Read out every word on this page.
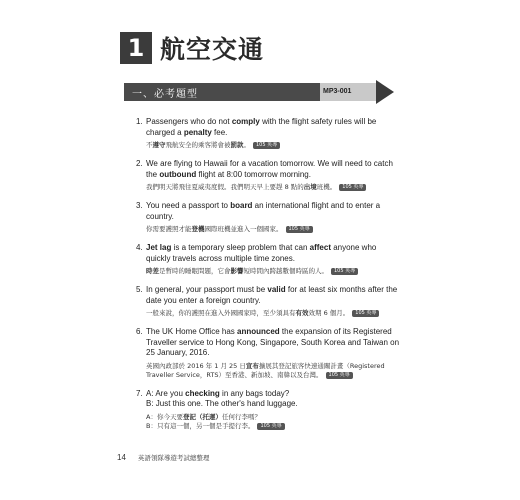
1 航空交通
一、必考題型	MP3-001
1. Passengers who do not comply with the flight safety rules will be charged a penalty fee.
不遵守飛航安全的乘客將會被罰款。 105 英導
2. We are flying to Hawaii for a vacation tomorrow. We will need to catch the outbound flight at 8:00 tomorrow morning.
我們明天將飛往夏威夷度假。我們明天早上要趕 8 點的出境班機。 105 英導
3. You need a passport to board an international flight and to enter a country.
你需要護照才能登機國際班機並進入一個國家。 105 英導
4. Jet lag is a temporary sleep problem that can affect anyone who quickly travels across multiple time zones.
時差是暫時的睡眠問題，它會影響短時間內跨越數個時區的人。 105 英導
5. In general, your passport must be valid for at least six months after the date you enter a foreign country.
一般來說，你的護照在進入外國國家時，至少須具有有效效期 6 個月。 105 英導
6. The UK Home Office has announced the expansion of its Registered Traveller service to Hong Kong, Singapore, South Korea and Taiwan on 25 January, 2016.
英國內政部於 2016 年 1 月 25 日宣布擴展其登記旅客快速通關計畫（Registered Traveller Service，RTS）至香港、新加坡、南韓以及台灣。 105 英導
7. A: Are you checking in any bags today?
B: Just this one. The other's hand luggage.
A：你今天要登記（托運）任何行李嗎？
B：只有這一個，另一個是手提行李。 105 英導
14 英語領隊導遊考試總整理
